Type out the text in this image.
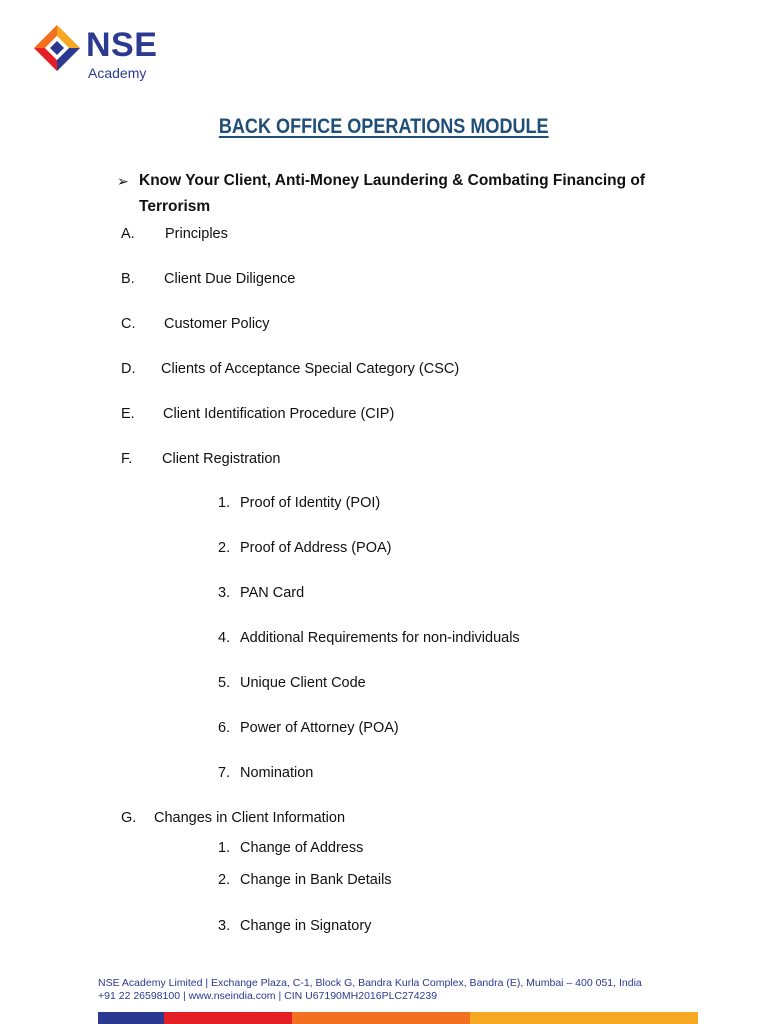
NSE
Academy
BACK OFFICE OPERATIONS MODULE
➢ Know Your Client, Anti-Money Laundering & Combating Financing of Terrorism
A. Principles
B. Client Due Diligence
C. Customer Policy
D. Clients of Acceptance Special Category (CSC)
E. Client Identification Procedure (CIP)
F. Client Registration
1. Proof of Identity (POI)
2. Proof of Address (POA)
3. PAN Card
4. Additional Requirements for non-individuals
5. Unique Client Code
6. Power of Attorney (POA)
7. Nomination
G. Changes in Client Information
1. Change of Address
2. Change in Bank Details
3. Change in Signatory
NSE Academy Limited | Exchange Plaza, C-1, Block G, Bandra Kurla Complex, Bandra (E), Mumbai – 400 051, India
+91 22 26598100 | www.nseindia.com | CIN U67190MH2016PLC274239
